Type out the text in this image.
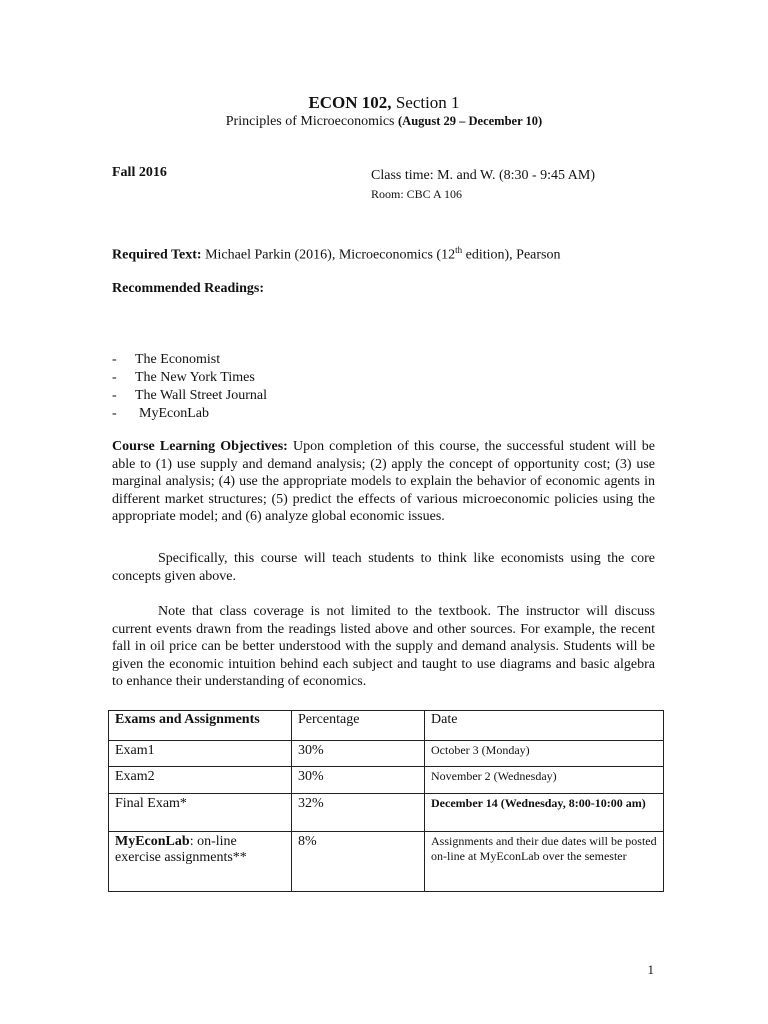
ECON 102, Section 1
Principles of Microeconomics (August 29 – December 10)
Fall 2016	Class time: M. and W. (8:30 - 9:45 AM)
Room: CBC A 106
Required Text: Michael Parkin (2016), Microeconomics (12th edition), Pearson
Recommended Readings:
- The Economist
- The New York Times
- The Wall Street Journal
- MyEconLab

Course Learning Objectives: Upon completion of this course, the successful student will be able to (1) use supply and demand analysis; (2) apply the concept of opportunity cost; (3) use marginal analysis; (4) use the appropriate models to explain the behavior of economic agents in different market structures; (5) predict the effects of various microeconomic policies using the appropriate model; and (6) analyze global economic issues.

Specifically, this course will teach students to think like economists using the core concepts given above.

Note that class coverage is not limited to the textbook. The instructor will discuss current events drawn from the readings listed above and other sources. For example, the recent fall in oil price can be better understood with the supply and demand analysis. Students will be given the economic intuition behind each subject and taught to use diagrams and basic algebra to enhance their understanding of economics.

Exams and Assignments	Percentage	Date
Exam1	30%	October 3 (Monday)
Exam2	30%	November 2 (Wednesday)
Final Exam*	32%	December 14 (Wednesday, 8:00-10:00 am)
MyEconLab: on-line exercise assignments**	8%	Assignments and their due dates will be posted on-line at MyEconLab over the semester
1
